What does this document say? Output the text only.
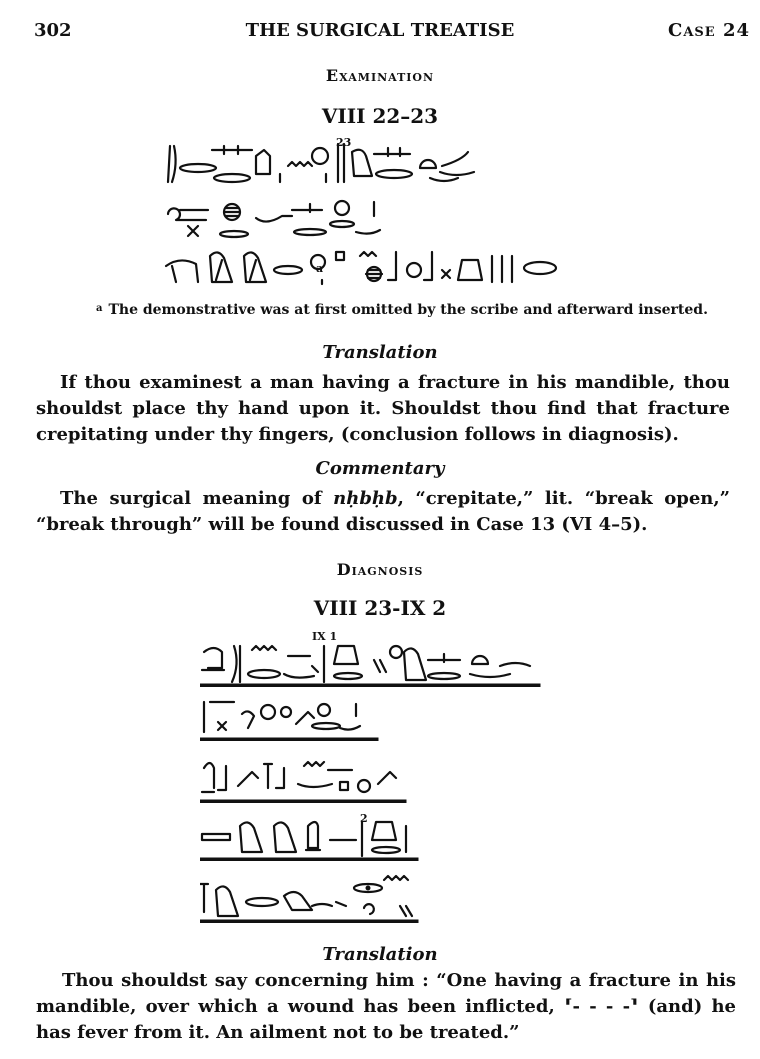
302	THE SURGICAL TREATISE	Case 24
Examination
VIII 22–23
23
a
$^a$ The demonstrative was at first omitted by the scribe and afterward inserted.
Translation
If thou examinest a man having a fracture in his mandible, thou shouldst place thy hand upon it. Shouldst thou find that fracture crepitating under thy fingers, (conclusion follows in diagnosis).
Commentary
The surgical meaning of nḥbḥb, “crepitate,” lit. “break open,” “break through” will be found discussed in Case 13 (VI 4–5).
Diagnosis
VIII 23-IX 2
IX 1
2
Translation
Thou shouldst say concerning him : “One having a fracture in his mandible, over which a wound has been inflicted, ⸢- - - -⸣ (and) he has fever from it. An ailment not to be treated.”
